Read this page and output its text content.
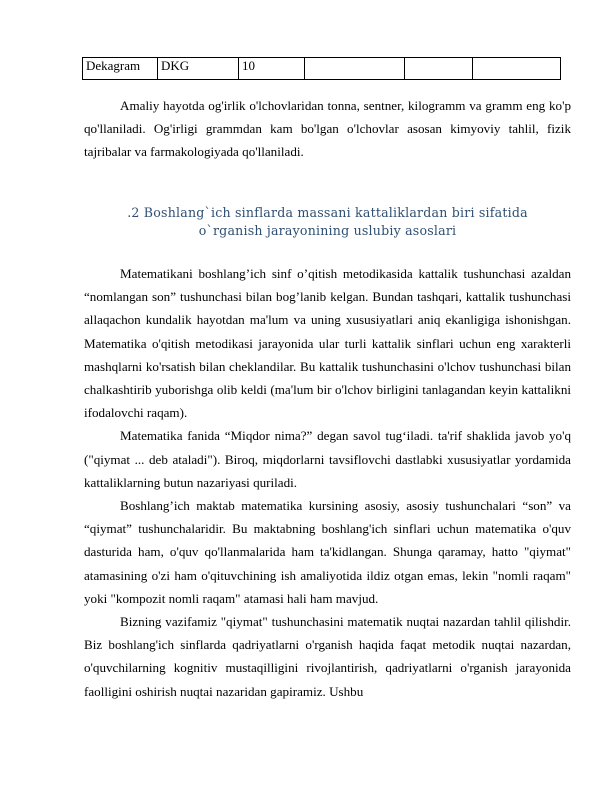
Dekagram	DKG	10			

Amaliy hayotda og'irlik o'lchovlaridan tonna, sentner, kilogramm va gramm eng ko'p qo'llaniladi. Og'irligi grammdan kam bo'lgan o'lchovlar asosan kimyoviy tahlil, fizik tajribalar va farmakologiyada qo'llaniladi.

.2 Boshlang`ich sinflarda massani kattaliklardan biri sifatida
o`rganish jarayonining uslubiy asoslari

Matematikani boshlang’ich sinf o’qitish metodikasida kattalik tushunchasi azaldan “nomlangan son” tushunchasi bilan bog’lanib kelgan. Bundan tashqari, kattalik tushunchasi allaqachon kundalik hayotdan ma'lum va uning xususiyatlari aniq ekanligiga ishonishgan. Matematika o'qitish metodikasi jarayonida ular turli kattalik sinflari uchun eng xarakterli mashqlarni ko'rsatish bilan cheklandilar. Bu kattalik tushunchasini o'lchov tushunchasi bilan chalkashtirib yuborishga olib keldi (ma'lum bir o'lchov birligini tanlagandan keyin kattalikni ifodalovchi raqam).

Matematika fanida “Miqdor nima?” degan savol tug‘iladi. ta'rif shaklida javob yo'q ("qiymat ... deb ataladi"). Biroq, miqdorlarni tavsiflovchi dastlabki xususiyatlar yordamida kattaliklarning butun nazariyasi quriladi.

Boshlang’ich maktab matematika kursining asosiy, asosiy tushunchalari “son” va “qiymat” tushunchalaridir. Bu maktabning boshlang'ich sinflari uchun matematika o'quv dasturida ham, o'quv qo'llanmalarida ham ta'kidlangan. Shunga qaramay, hatto "qiymat" atamasining o'zi ham o'qituvchining ish amaliyotida ildiz otgan emas, lekin "nomli raqam" yoki "kompozit nomli raqam" atamasi hali ham mavjud.

Bizning vazifamiz "qiymat" tushunchasini matematik nuqtai nazardan tahlil qilishdir. Biz boshlang'ich sinflarda qadriyatlarni o'rganish haqida faqat metodik nuqtai nazardan, o'quvchilarning kognitiv mustaqilligini rivojlantirish, qadriyatlarni o'rganish jarayonida faolligini oshirish nuqtai nazaridan gapiramiz. Ushbu
